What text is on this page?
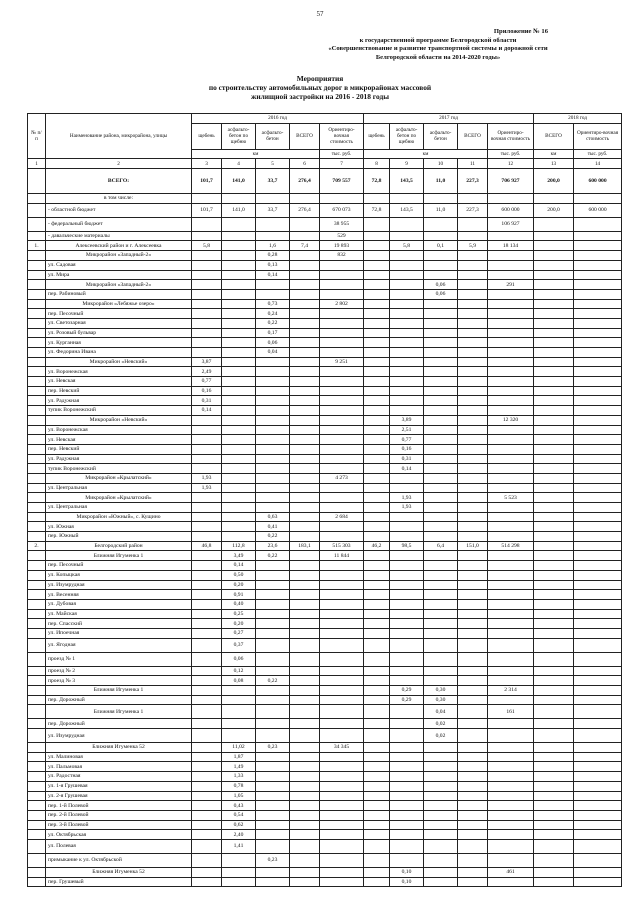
57
Приложение № 16
к государственной программе Белгородской области
«Совершенствование и развитие транспортной системы и дорожной сети
Белгородской области на 2014-2020 годы»
Мероприятия
по строительству автомобильных дорог в микрорайонах массовой
жилищной застройки на 2016 - 2018 годы
№ п/п	Наименование района, микрорайона, улицы	2016 год					2017 год					2018 год	
		щебень	асфальто-бетон по щебню	асфальто-бетон	ВСЕГО	Ориентиро-вочная стоимость	щебень	асфальто-бетон по щебню	асфальто-бетон	ВСЕГО	Ориентиро-вочная стоимость	ВСЕГО	Ориентиро-вочная стоимость
		км				тыс. руб.	км				тыс. руб.	км	тыс. руб.
1	2	3	4	5	6	7	8	9	10	11	12	13	14
	ВСЕГО:	101,7	141,0	33,7	276,4	709 557	72,8	143,5	11,0	227,3	706 927	200,0	600 000
	в том числе:												
	- областной бюджет	101,7	141,0	33,7	276,4	670 073	72,8	143,5	11,0	227,3	600 000	200,0	600 000
	- федеральный бюджет					38 955					106 927		
	- давальческие материалы					529							
1.	Алексеевский район и г. Алексеевка	5,8		1,6	7,4	19 893		5,8	0,1	5,9	18 134		
	Микрорайон «Западный-2»			0,28		832							
	ул. Садовая			0,13									
	ул. Мира			0,14									
	Микрорайон «Западный-2»								0,06		291		
	пер. Рабиновый								0,06				
	Микрорайон «Лебяжье озеро»			0,73		2 802							
	пер. Песочный			0,24									
	ул. Светозарная			0,22									
	ул. Розовый бульвар			0,17									
	ул. Курганная			0,06									
	ул. Федорина Ивана			0,04									
	Микрорайон «Невский»	3,87				9 251							
	ул. Воронежская	2,49											
	ул. Невская	0,77											
	пер. Невский	0,16											
	ул. Радужная	0,31											
	тупик Воронежский	0,14											
	Микрорайон «Невский»							3,89			12 320		
	ул. Воронежская							2,51					
	ул. Невская							0,77					
	пер. Невский							0,16					
	ул. Радужная							0,31					
	тупик Воронежский							0,14					
	Микрорайон «Крылатский»	1,93				4 273							
	ул. Центральная	1,93											
	Микрорайон «Крылатский»							1,93			5 523		
	ул. Центральная							1,93					
	Микрорайон «Южный», с. Кущино			0,63		2 684							
	ул. Южная			0,41									
	пер. Южный			0,22									
2.	Белгородский район	46,8	112,8	23,6	183,1	515 303	46,2	98,5	6,4	151,0	514 298		
	Ближняя Игуменка 1		3,49	0,22		11 844							
	пер. Песочный		0,14										
	ул. Копыцкая		0,50										
	ул. Изумрудная		0,20										
	ул. Весенняя		0,91										
	ул. Дубовая		0,40										
	ул. Майская		0,25										
	пер. Спасский		0,20										
	ул. Ипоечная		0,27										
	ул. Ягодная		0,37										
	проезд № 1		0,06										
	проезд № 2		0,12										
	проезд № 3		0,08	0,22									
	Ближняя Игуменка 1							0,29	0,30		2 314		
	пер. Дорожный							0,29	0,30				
	Ближняя Игуменка 1								0,04		161		
	пер. Дорожный								0,02				
	ул. Изумрудная								0,02				
	Ближняя Игуменка 52		11,02	0,23		34 345							
	ул. Малиновая		1,87										
	ул. Пальмовая		1,49										
	ул. Радостная		1,33										
	ул. 1-я Грушевая		0,78										
	ул. 2-я Грушевая		1,05										
	пер. 1-й Полевой		0,43										
	пер. 2-й Полевой		0,54										
	пер. 3-й Полевой		0,62										
	ул. Октябрьская		2,40										
	ул. Полевая		1,41										
	примыкание к ул. Октябрьской			0,23									
	Ближняя Игуменка 52							0,10			461		
	пер. Грушевый							0,10					
